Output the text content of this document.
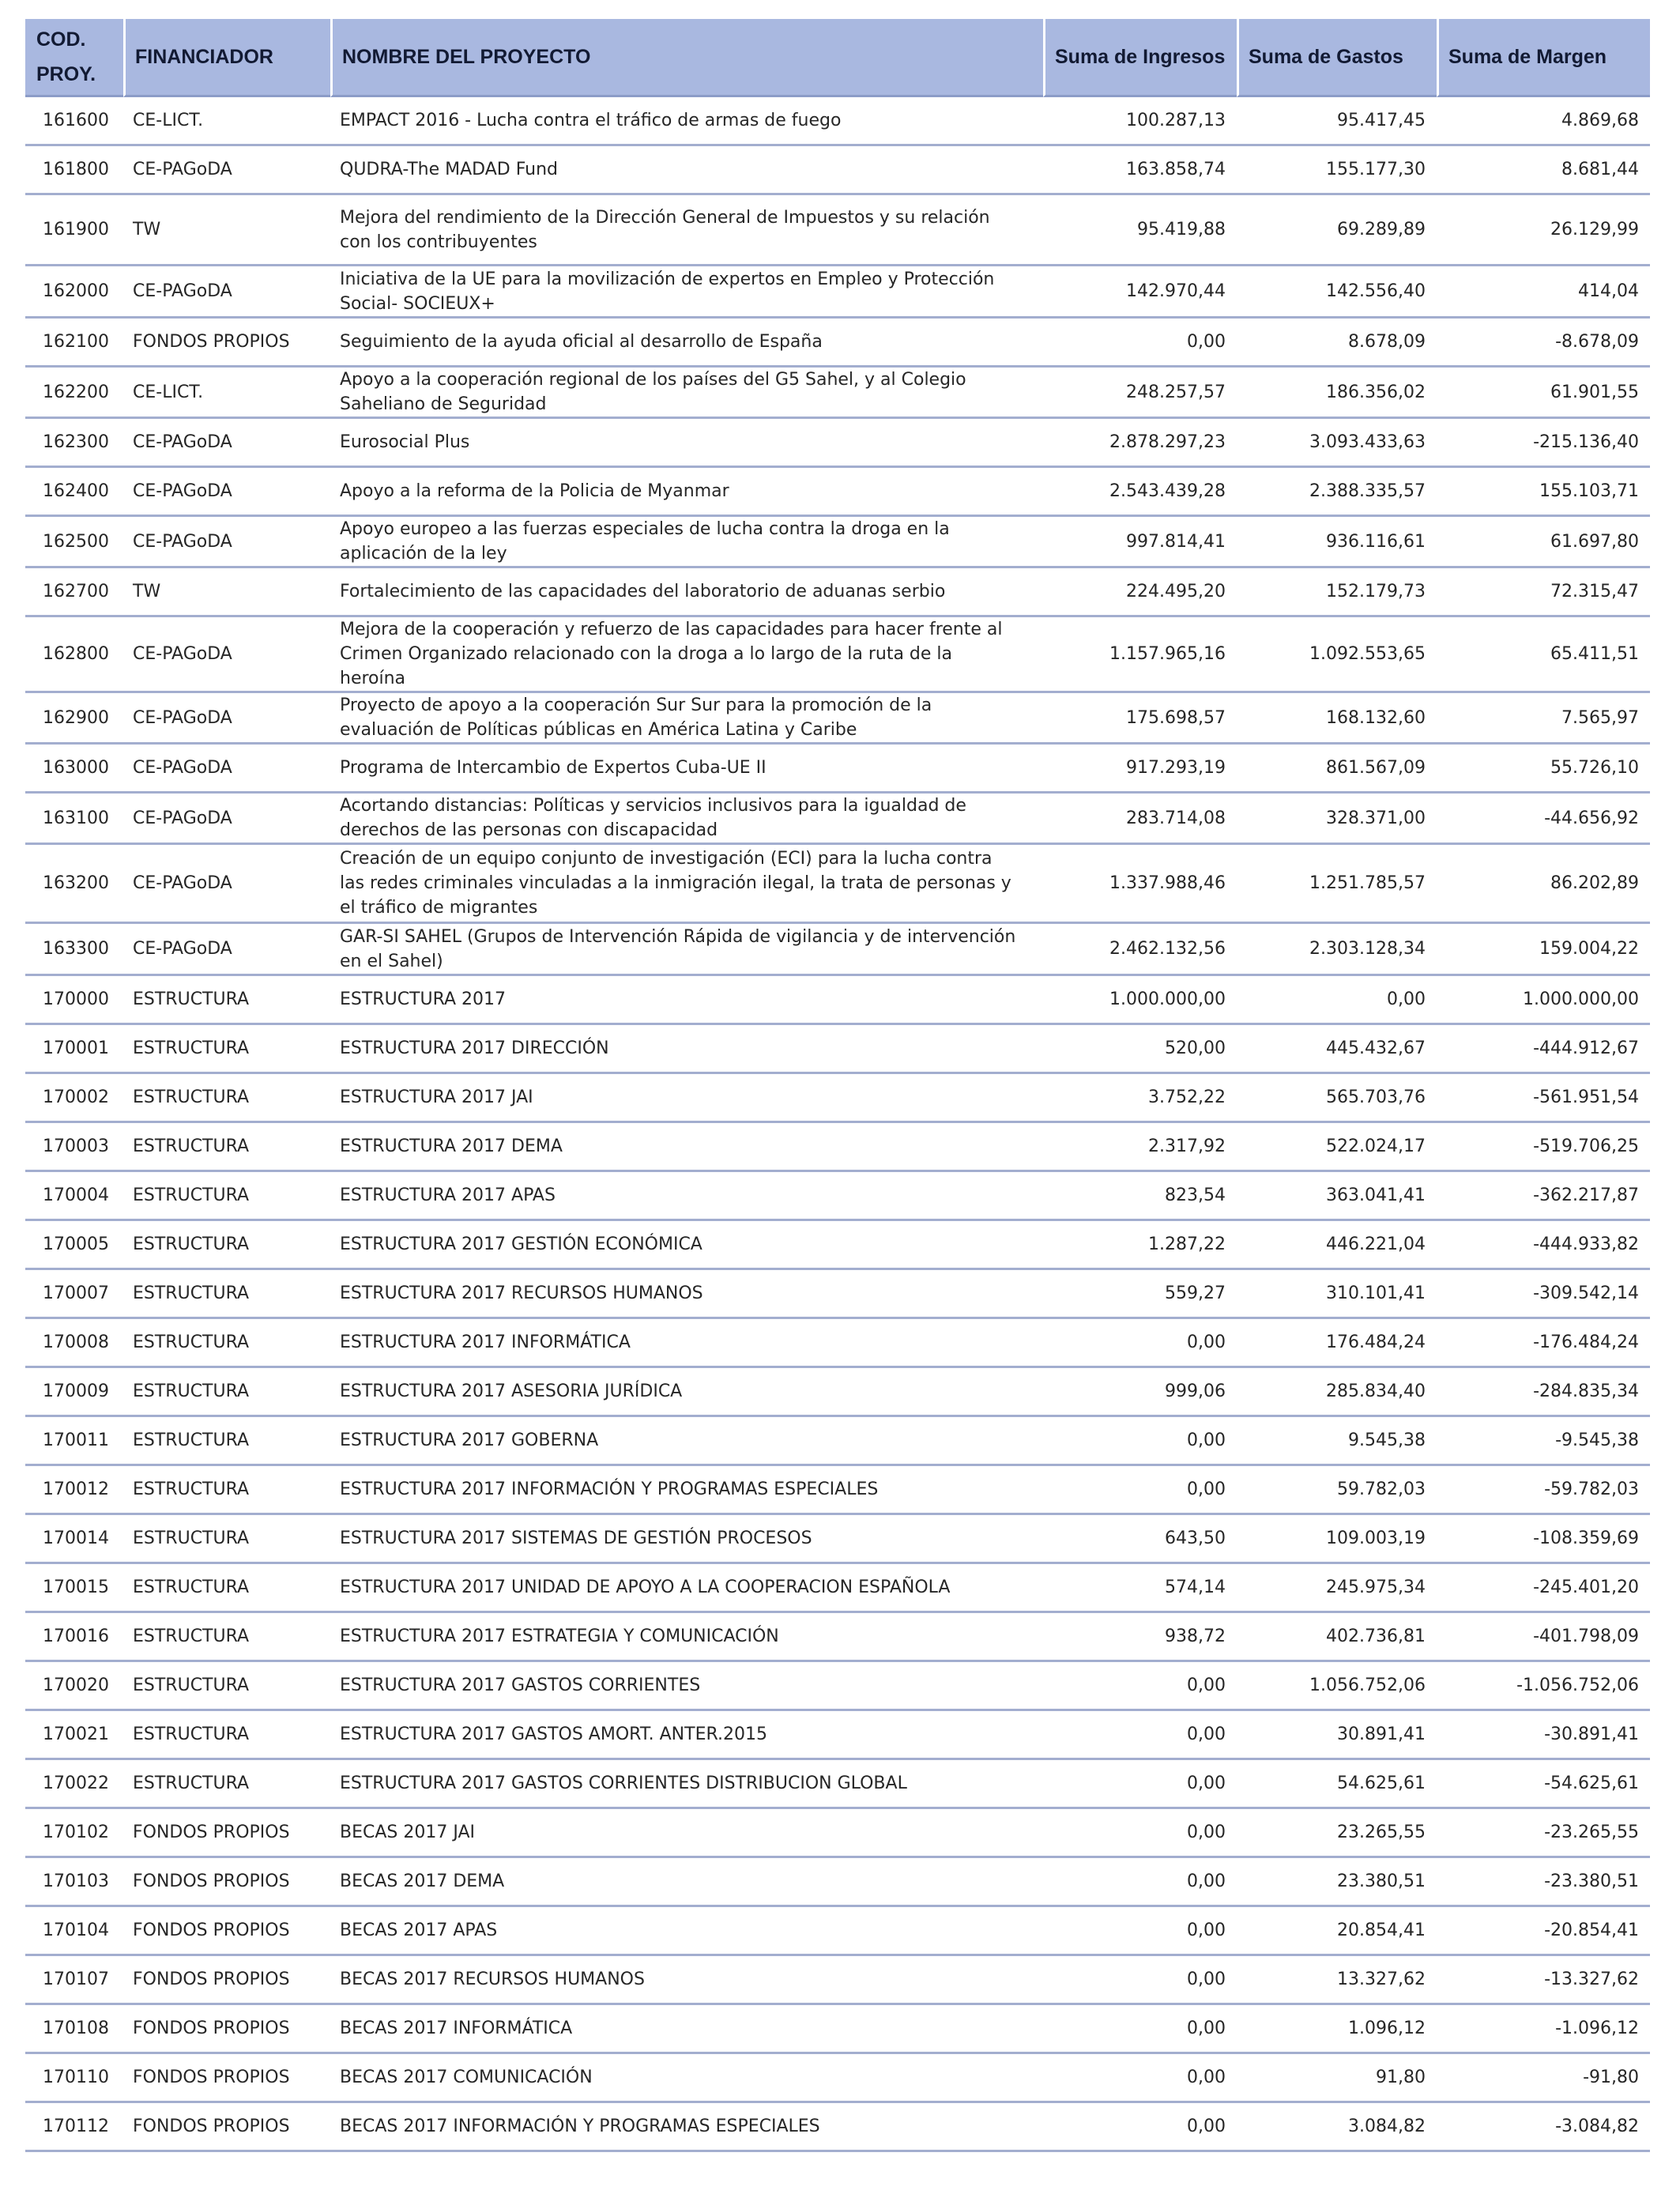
COD. PROY.	FINANCIADOR	NOMBRE DEL PROYECTO	Suma de Ingresos	Suma de Gastos	Suma de Margen
161600	CE-LICT.	EMPACT 2016 - Lucha contra el tráfico de armas de fuego	100.287,13	95.417,45	4.869,68
161800	CE-PAGoDA	QUDRA-The MADAD Fund	163.858,74	155.177,30	8.681,44
161900	TW	Mejora del rendimiento de la Dirección General de Impuestos y su relación con los contribuyentes	95.419,88	69.289,89	26.129,99
162000	CE-PAGoDA	Iniciativa de la UE para la movilización de expertos en Empleo y Protección Social- SOCIEUX+	142.970,44	142.556,40	414,04
162100	FONDOS PROPIOS	Seguimiento de la ayuda oficial al desarrollo de España	0,00	8.678,09	-8.678,09
162200	CE-LICT.	Apoyo a la cooperación regional de los países del G5 Sahel, y al Colegio Saheliano de Seguridad	248.257,57	186.356,02	61.901,55
162300	CE-PAGoDA	Eurosocial Plus	2.878.297,23	3.093.433,63	-215.136,40
162400	CE-PAGoDA	Apoyo a la reforma de la Policia de Myanmar	2.543.439,28	2.388.335,57	155.103,71
162500	CE-PAGoDA	Apoyo europeo a las fuerzas especiales de lucha contra la droga en la aplicación de la ley	997.814,41	936.116,61	61.697,80
162700	TW	Fortalecimiento de las capacidades del laboratorio de aduanas serbio	224.495,20	152.179,73	72.315,47
162800	CE-PAGoDA	Mejora de la cooperación y refuerzo de las capacidades para hacer frente al Crimen Organizado relacionado con la droga a lo largo de la ruta de la heroína	1.157.965,16	1.092.553,65	65.411,51
162900	CE-PAGoDA	Proyecto de apoyo a la cooperación Sur Sur para la promoción de la evaluación de Políticas públicas en América Latina y Caribe	175.698,57	168.132,60	7.565,97
163000	CE-PAGoDA	Programa de Intercambio de Expertos Cuba-UE II	917.293,19	861.567,09	55.726,10
163100	CE-PAGoDA	Acortando distancias: Políticas y servicios inclusivos para la igualdad de derechos de las personas con discapacidad	283.714,08	328.371,00	-44.656,92
163200	CE-PAGoDA	Creación de un equipo conjunto de investigación (ECI) para la lucha contra las redes criminales vinculadas a la inmigración ilegal, la trata de personas y el tráfico de migrantes	1.337.988,46	1.251.785,57	86.202,89
163300	CE-PAGoDA	GAR-SI SAHEL (Grupos de Intervención Rápida de vigilancia y de intervención en el Sahel)	2.462.132,56	2.303.128,34	159.004,22
170000	ESTRUCTURA	ESTRUCTURA 2017	1.000.000,00	0,00	1.000.000,00
170001	ESTRUCTURA	ESTRUCTURA 2017 DIRECCIÓN	520,00	445.432,67	-444.912,67
170002	ESTRUCTURA	ESTRUCTURA 2017 JAI	3.752,22	565.703,76	-561.951,54
170003	ESTRUCTURA	ESTRUCTURA 2017 DEMA	2.317,92	522.024,17	-519.706,25
170004	ESTRUCTURA	ESTRUCTURA 2017 APAS	823,54	363.041,41	-362.217,87
170005	ESTRUCTURA	ESTRUCTURA 2017 GESTIÓN ECONÓMICA	1.287,22	446.221,04	-444.933,82
170007	ESTRUCTURA	ESTRUCTURA 2017 RECURSOS HUMANOS	559,27	310.101,41	-309.542,14
170008	ESTRUCTURA	ESTRUCTURA 2017 INFORMÁTICA	0,00	176.484,24	-176.484,24
170009	ESTRUCTURA	ESTRUCTURA 2017 ASESORIA JURÍDICA	999,06	285.834,40	-284.835,34
170011	ESTRUCTURA	ESTRUCTURA 2017 GOBERNA	0,00	9.545,38	-9.545,38
170012	ESTRUCTURA	ESTRUCTURA 2017 INFORMACIÓN Y PROGRAMAS ESPECIALES	0,00	59.782,03	-59.782,03
170014	ESTRUCTURA	ESTRUCTURA 2017 SISTEMAS DE GESTIÓN PROCESOS	643,50	109.003,19	-108.359,69
170015	ESTRUCTURA	ESTRUCTURA 2017 UNIDAD DE APOYO A LA COOPERACION ESPAÑOLA	574,14	245.975,34	-245.401,20
170016	ESTRUCTURA	ESTRUCTURA 2017 ESTRATEGIA Y COMUNICACIÓN	938,72	402.736,81	-401.798,09
170020	ESTRUCTURA	ESTRUCTURA 2017 GASTOS CORRIENTES	0,00	1.056.752,06	-1.056.752,06
170021	ESTRUCTURA	ESTRUCTURA 2017 GASTOS AMORT. ANTER.2015	0,00	30.891,41	-30.891,41
170022	ESTRUCTURA	ESTRUCTURA 2017 GASTOS CORRIENTES DISTRIBUCION GLOBAL	0,00	54.625,61	-54.625,61
170102	FONDOS PROPIOS	BECAS 2017 JAI	0,00	23.265,55	-23.265,55
170103	FONDOS PROPIOS	BECAS 2017 DEMA	0,00	23.380,51	-23.380,51
170104	FONDOS PROPIOS	BECAS 2017 APAS	0,00	20.854,41	-20.854,41
170107	FONDOS PROPIOS	BECAS 2017 RECURSOS HUMANOS	0,00	13.327,62	-13.327,62
170108	FONDOS PROPIOS	BECAS 2017 INFORMÁTICA	0,00	1.096,12	-1.096,12
170110	FONDOS PROPIOS	BECAS 2017 COMUNICACIÓN	0,00	91,80	-91,80
170112	FONDOS PROPIOS	BECAS 2017 INFORMACIÓN Y PROGRAMAS ESPECIALES	0,00	3.084,82	-3.084,82
